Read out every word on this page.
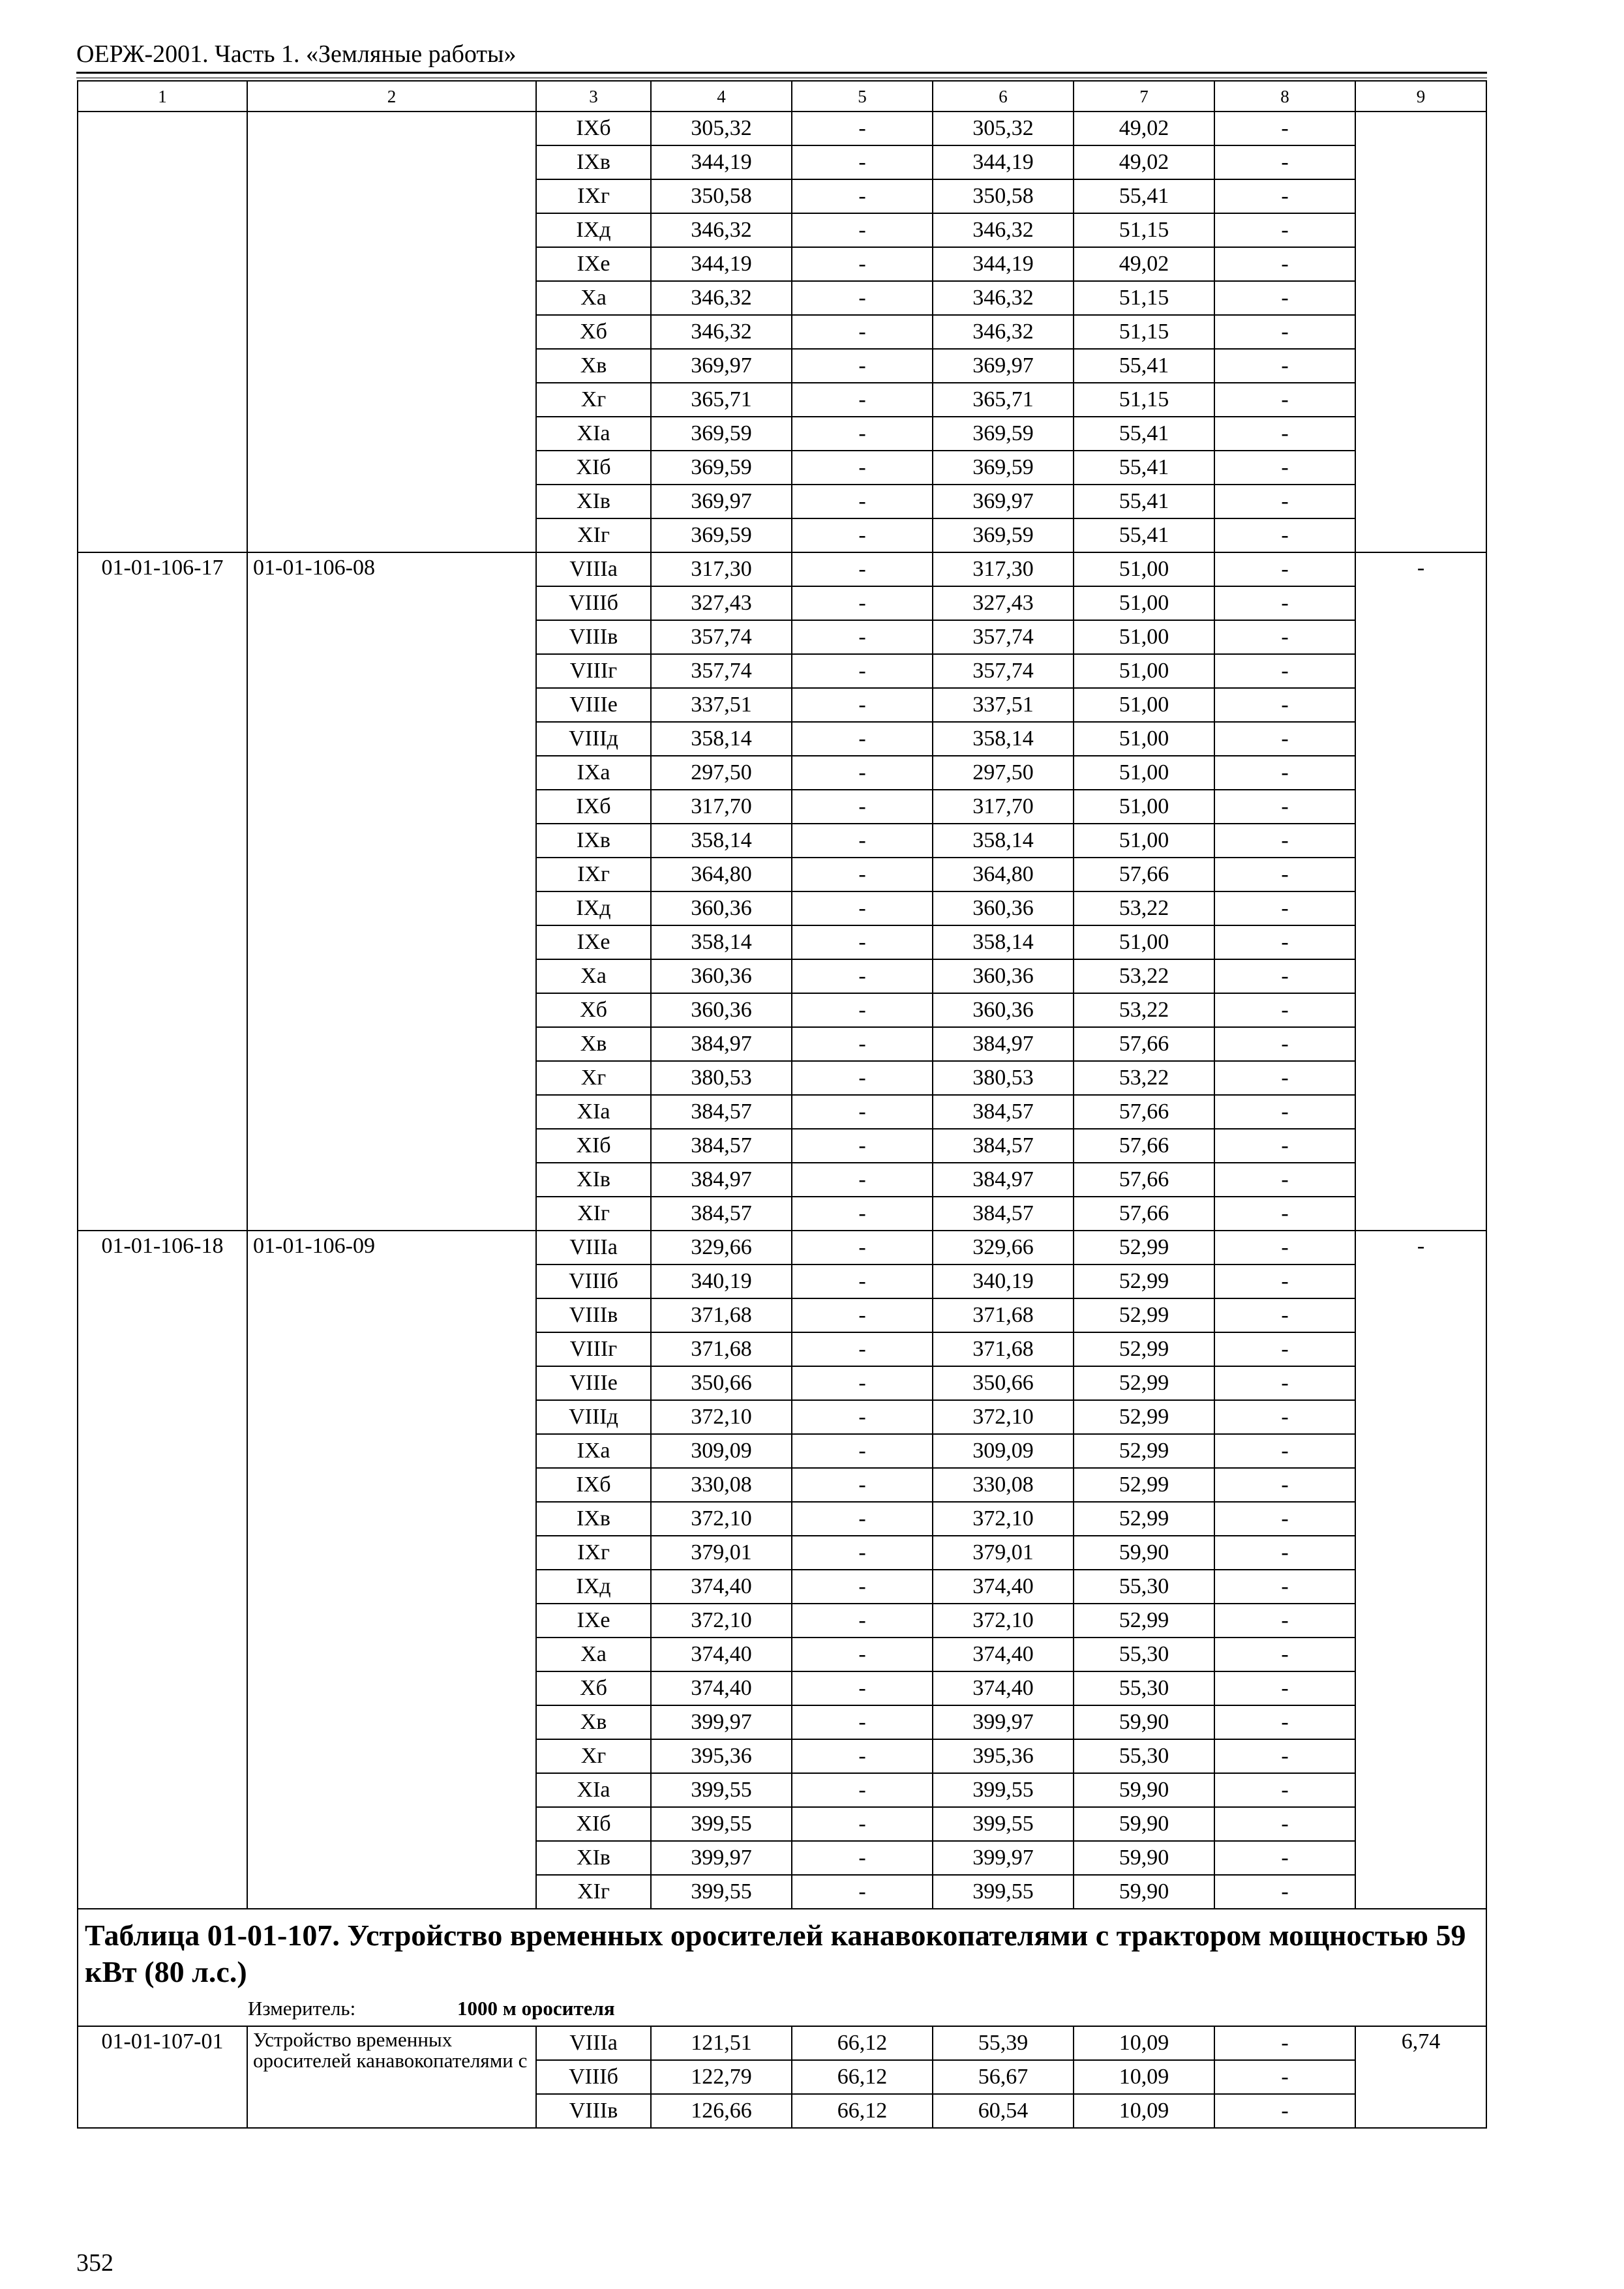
ОЕРЖ-2001. Часть 1. «Земляные работы»
1	2	3	4	5	6	7	8	9
		IXб	305,32	-	305,32	49,02	-	
		IXв	344,19	-	344,19	49,02	-	
		IXг	350,58	-	350,58	55,41	-	
		IXд	346,32	-	346,32	51,15	-	
		IXе	344,19	-	344,19	49,02	-	
		Xа	346,32	-	346,32	51,15	-	
		Xб	346,32	-	346,32	51,15	-	
		Xв	369,97	-	369,97	55,41	-	
		Xг	365,71	-	365,71	51,15	-	
		XIа	369,59	-	369,59	55,41	-	
		XIб	369,59	-	369,59	55,41	-	
		XIв	369,97	-	369,97	55,41	-	
		XIг	369,59	-	369,59	55,41	-	
01-01-106-17	01-01-106-08	VIIIа	317,30	-	317,30	51,00	-	-
		VIIIб	327,43	-	327,43	51,00	-	
		VIIIв	357,74	-	357,74	51,00	-	
		VIIIг	357,74	-	357,74	51,00	-	
		VIIIе	337,51	-	337,51	51,00	-	
		VIIIд	358,14	-	358,14	51,00	-	
		IXа	297,50	-	297,50	51,00	-	
		IXб	317,70	-	317,70	51,00	-	
		IXв	358,14	-	358,14	51,00	-	
		IXг	364,80	-	364,80	57,66	-	
		IXд	360,36	-	360,36	53,22	-	
		IXе	358,14	-	358,14	51,00	-	
		Xа	360,36	-	360,36	53,22	-	
		Xб	360,36	-	360,36	53,22	-	
		Xв	384,97	-	384,97	57,66	-	
		Xг	380,53	-	380,53	53,22	-	
		XIа	384,57	-	384,57	57,66	-	
		XIб	384,57	-	384,57	57,66	-	
		XIв	384,97	-	384,97	57,66	-	
		XIг	384,57	-	384,57	57,66	-	
01-01-106-18	01-01-106-09	VIIIа	329,66	-	329,66	52,99	-	-
		VIIIб	340,19	-	340,19	52,99	-	
		VIIIв	371,68	-	371,68	52,99	-	
		VIIIг	371,68	-	371,68	52,99	-	
		VIIIе	350,66	-	350,66	52,99	-	
		VIIIд	372,10	-	372,10	52,99	-	
		IXа	309,09	-	309,09	52,99	-	
		IXб	330,08	-	330,08	52,99	-	
		IXв	372,10	-	372,10	52,99	-	
		IXг	379,01	-	379,01	59,90	-	
		IXд	374,40	-	374,40	55,30	-	
		IXе	372,10	-	372,10	52,99	-	
		Xа	374,40	-	374,40	55,30	-	
		Xб	374,40	-	374,40	55,30	-	
		Xв	399,97	-	399,97	59,90	-	
		Xг	395,36	-	395,36	55,30	-	
		XIа	399,55	-	399,55	59,90	-	
		XIб	399,55	-	399,55	59,90	-	
		XIв	399,97	-	399,97	59,90	-	
		XIг	399,55	-	399,55	59,90	-	
Таблица 01-01-107. Устройство временных оросителей канавокопателями с трактором мощностью 59 кВт (80 л.с.)
Измеритель: 1000 м оросителя								

01-01-107-01	Устройство временных оросителей канавокопателями с	VIIIа	121,51	66,12	55,39	10,09	-	6,74
		VIIIб	122,79	66,12	56,67	10,09	-	
		VIIIв	126,66	66,12	60,54	10,09	-	
352
